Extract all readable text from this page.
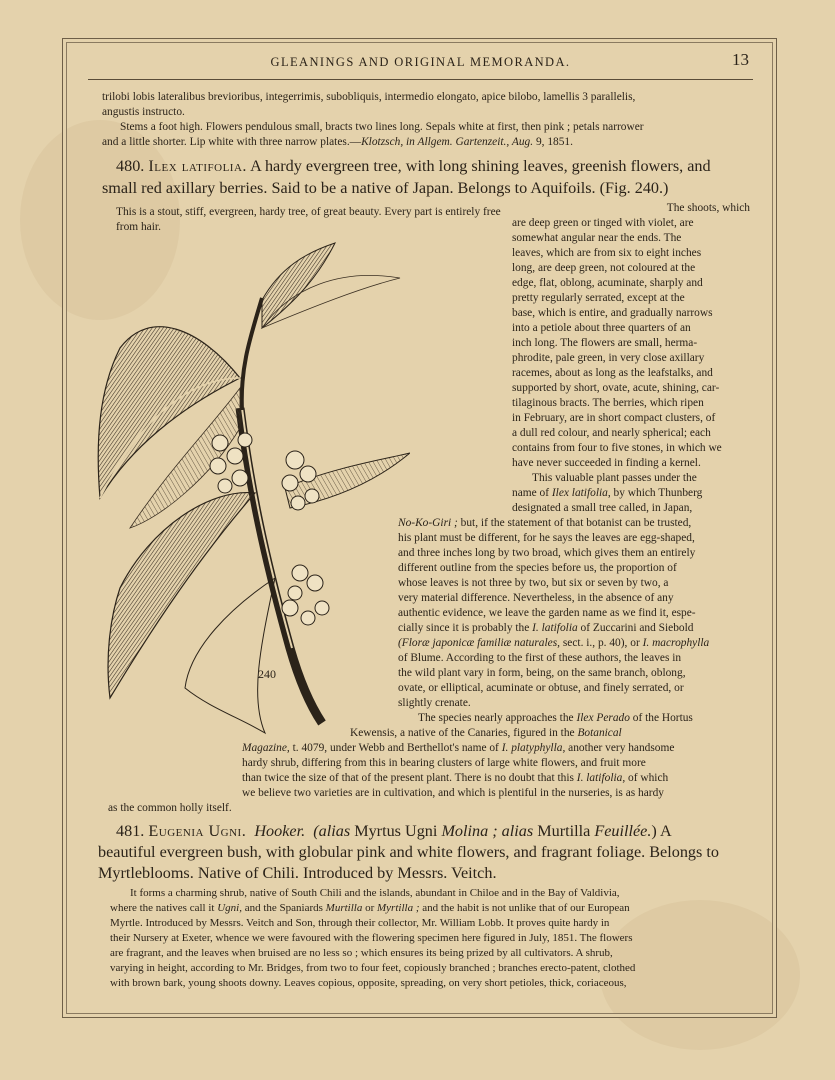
GLEANINGS AND ORIGINAL MEMORANDA.	13

trilobi lobis lateralibus brevioribus, integerrimis, subobliquis, intermedio elongato, apice bilobo, lamellis 3 parallelis,

angustis instructo.

Stems a foot high. Flowers pendulous small, bracts two lines long. Sepals white at first, then pink ; petals narrower

and a little shorter. Lip white with three narrow plates.—Klotzsch, in Allgem. Gartenzeit., Aug. 9, 1851.

480. Ilex latifolia. A hardy evergreen tree, with long shining leaves, greenish flowers, and

small red axillary berries. Said to be a native of Japan. Belongs to Aquifoils. (Fig. 240.)

This is a stout, stiff, evergreen, hardy tree, of great beauty. Every part is entirely free from hair.

The shoots, which

are deep green or tinged with violet, are

somewhat angular near the ends. The

leaves, which are from six to eight inches

long, are deep green, not coloured at the

edge, flat, oblong, acuminate, sharply and

pretty regularly serrated, except at the

base, which is entire, and gradually narrows

into a petiole about three quarters of an

inch long. The flowers are small, herma-

phrodite, pale green, in very close axillary

racemes, about as long as the leafstalks, and

supported by short, ovate, acute, shining, car-

tilaginous bracts. The berries, which ripen

in February, are in short compact clusters, of

a dull red colour, and nearly spherical; each

contains from four to five stones, in which we

have never succeeded in finding a kernel.

This valuable plant passes under the

name of Ilex latifolia, by which Thunberg

designated a small tree called, in Japan,

No-Ko-Giri ; but, if the statement of that botanist can be trusted,

his plant must be different, for he says the leaves are egg-shaped,

and three inches long by two broad, which gives them an entirely

different outline from the species before us, the proportion of

whose leaves is not three by two, but six or seven by two, a

very material difference. Nevertheless, in the absence of any

authentic evidence, we leave the garden name as we find it, espe-

cially since it is probably the I. latifolia of Zuccarini and Siebold

(Floræ japonicæ familiæ naturales, sect. i., p. 40), or I. macrophylla

of Blume. According to the first of these authors, the leaves in

the wild plant vary in form, being, on the same branch, oblong,

ovate, or elliptical, acuminate or obtuse, and finely serrated, or

slightly crenate.

The species nearly approaches the Ilex Perado of the Hortus

Kewensis, a native of the Canaries, figured in the Botanical

Magazine, t. 4079, under Webb and Berthellot's name of I. platyphylla, another very handsome

hardy shrub, differing from this in bearing clusters of large white flowers, and fruit more

than twice the size of that of the present plant. There is no doubt that this I. latifolia, of which

we believe two varieties are in cultivation, and which is plentiful in the nurseries, is as hardy

as the common holly itself.

240

481. Eugenia Ugni. Hooker. (alias Myrtus Ugni Molina ; alias Murtilla Feuillée.) A

beautiful evergreen bush, with globular pink and white flowers, and fragrant foliage. Belongs to

Myrtleblooms. Native of Chili. Introduced by Messrs. Veitch.

It forms a charming shrub, native of South Chili and the islands, abundant in Chiloe and in the Bay of Valdivia,

where the natives call it Ugni, and the Spaniards Murtilla or Myrtilla ; and the habit is not unlike that of our European

Myrtle. Introduced by Messrs. Veitch and Son, through their collector, Mr. William Lobb. It proves quite hardy in

their Nursery at Exeter, whence we were favoured with the flowering specimen here figured in July, 1851. The flowers

are fragrant, and the leaves when bruised are no less so ; which ensures its being prized by all cultivators. A shrub,

varying in height, according to Mr. Bridges, from two to four feet, copiously branched ; branches erecto-patent, clothed

with brown bark, young shoots downy. Leaves copious, opposite, spreading, on very short petioles, thick, coriaceous,
